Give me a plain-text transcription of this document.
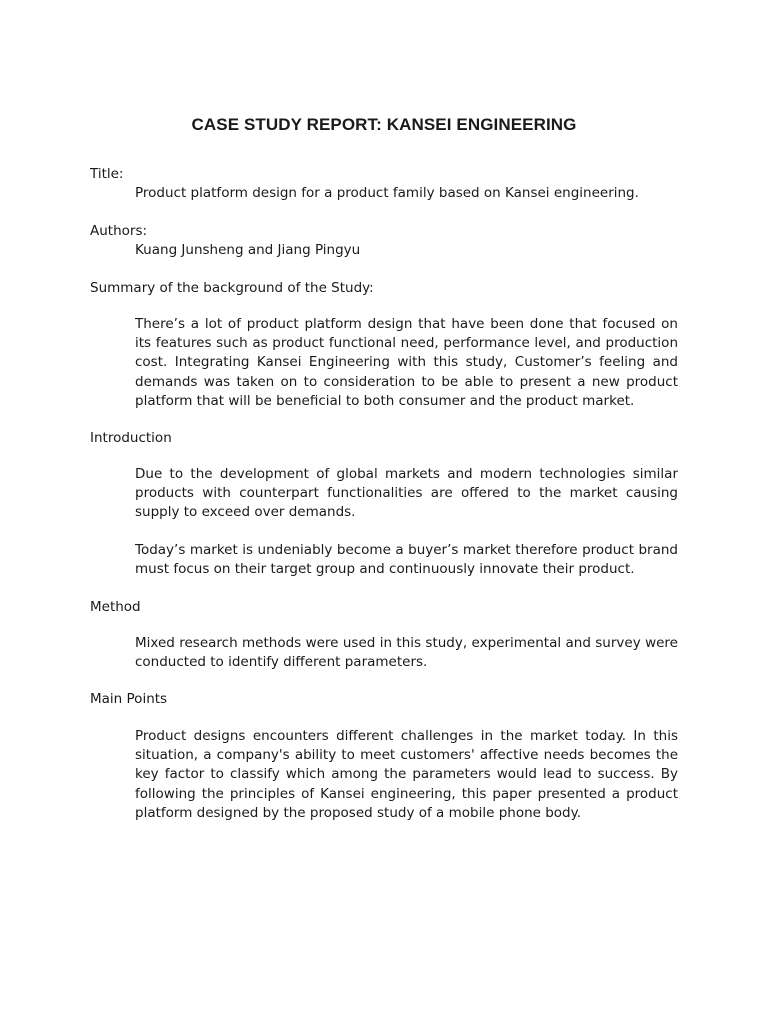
CASE STUDY REPORT: KANSEI ENGINEERING
Title:
Product platform design for a product family based on Kansei engineering.
Authors:
Kuang Junsheng and Jiang Pingyu
Summary of the background of the Study:

There’s a lot of product platform design that have been done that focused on its features such as product functional need, performance level, and production cost. Integrating Kansei Engineering with this study, Customer’s feeling and demands was taken on to consideration to be able to present a new product platform that will be beneficial to both consumer and the product market.

Introduction

Due to the development of global markets and modern technologies similar products with counterpart functionalities are offered to the market causing supply to exceed over demands.

Today’s market is undeniably become a buyer’s market therefore product brand must focus on their target group and continuously innovate their product.

Method

Mixed research methods were used in this study, experimental and survey were conducted to identify different parameters.

Main Points

Product designs encounters different challenges in the market today. In this situation, a company's ability to meet customers' affective needs becomes the key factor to classify which among the parameters would lead to success. By following the principles of Kansei engineering, this paper presented a product platform designed by the proposed study of a mobile phone body.
